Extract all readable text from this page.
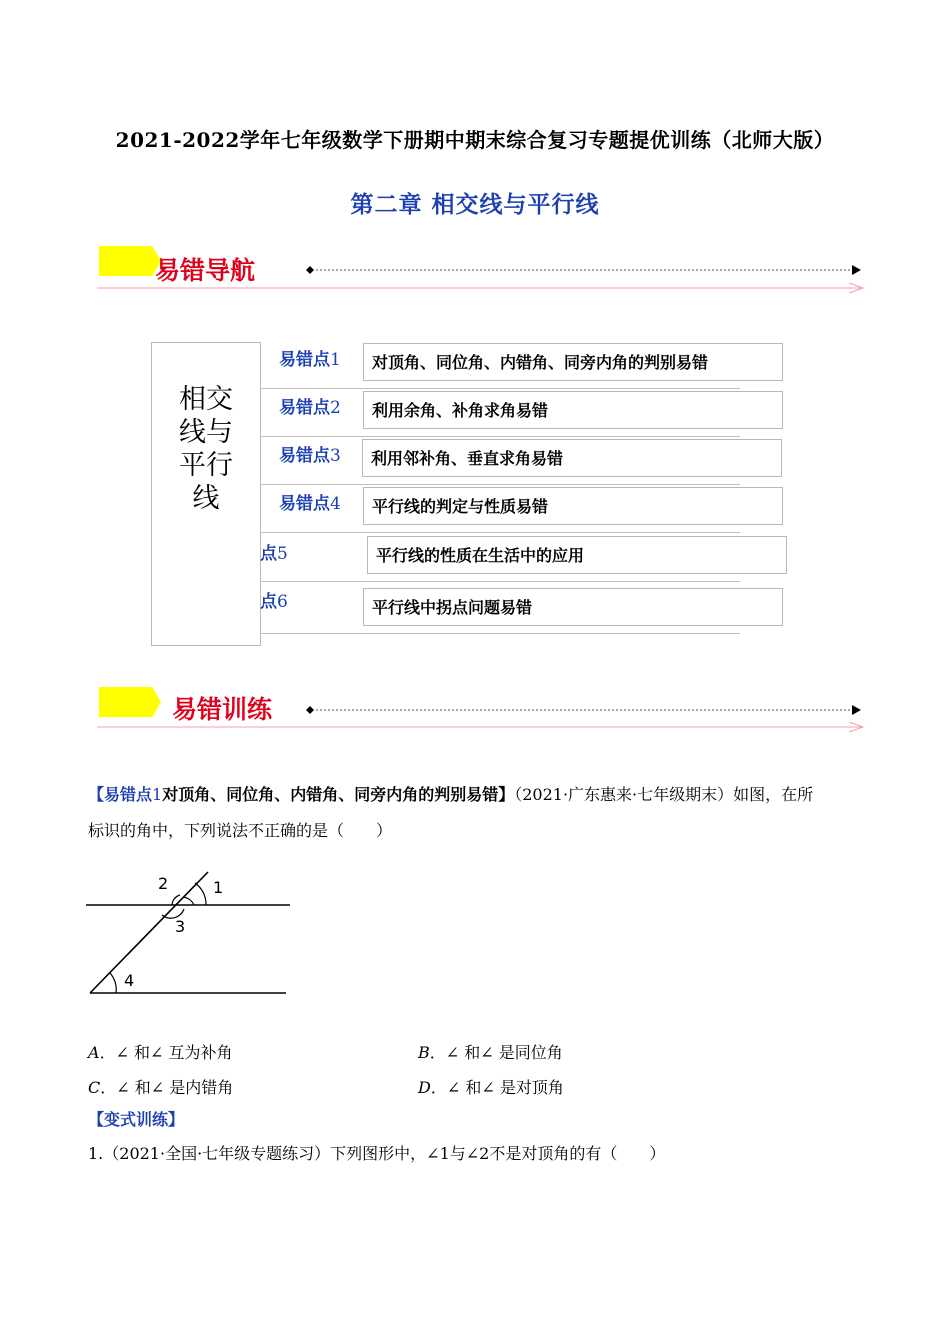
2021-2022学年七年级数学下册期中期末综合复习专题提优训练（北师大版）
第二章 相交线与平行线
易错导航
相交
线与
平行
线
易错点1	对顶角、同位角、内错角、同旁内角的判别易错
易错点2	利用余角、补角求角易错
易错点3	利用邻补角、垂直求角易错
易错点4	平行线的判定与性质易错
点5	平行线的性质在生活中的应用
点6	平行线中拐点问题易错
易错训练
【易错点1对顶角、同位角、内错角、同旁内角的判别易错】（2021·广东惠来·七年级期末）如图，在所
标识的角中，下列说法不正确的是（　　）
2	1
3
4
A．∠ 和∠ 互为补角	B．∠ 和∠ 是同位角
C．∠ 和∠ 是内错角	D．∠ 和∠ 是对顶角
【变式训练】
1.（2021·全国·七年级专题练习）下列图形中，∠1与∠2不是对顶角的有（　　）
